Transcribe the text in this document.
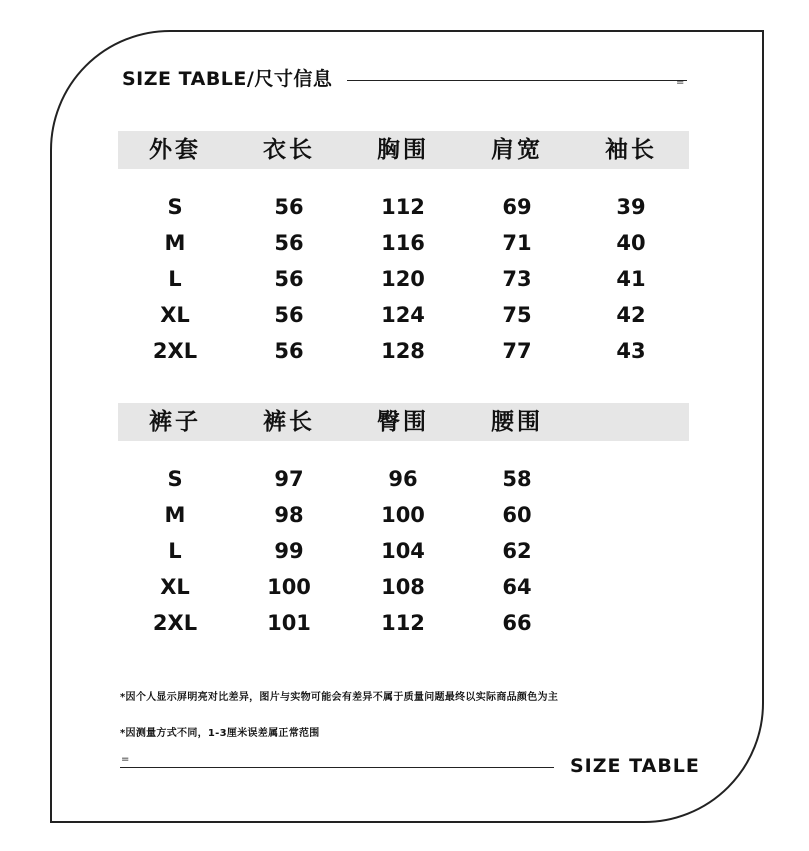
SIZE TABLE/尺寸信息	=
外套	衣长	胸围	肩宽	袖长
S	56	112	69	39
M	56	116	71	40
L	56	120	73	41
XL	56	124	75	42
2XL	56	128	77	43
裤子	裤长	臀围	腰围
S	97	96	58
M	98	100	60
L	99	104	62
XL	100	108	64
2XL	101	112	66
*因个人显示屏明亮对比差异，图片与实物可能会有差异不属于质量问题最终以实际商品颜色为主
*因测量方式不同，1-3厘米误差属正常范围
=	SIZE TABLE
